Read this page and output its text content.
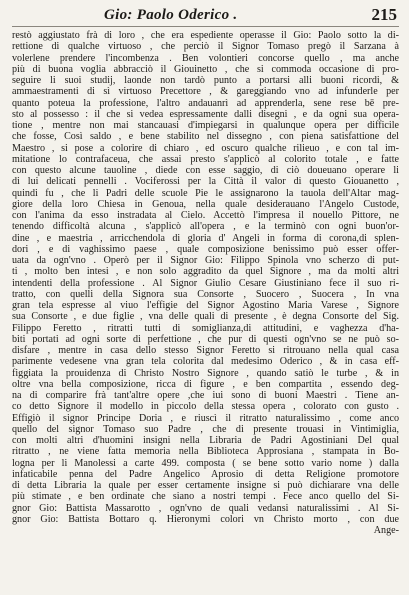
Gio: Paolo Oderico .	215
restò aggiustato frà di loro , che era espediente operasse il Gio: Paolo sotto la di-
rettione di qualche virtuoso , che perciò il Signor Tomaso pregò il Sarzana à
volerlene prendere l'incombenza . Ben volontieri concorse quello , ma anche
più di buona voglia abbracciò il Giouinetto , che si commoda occasione di pro-
seguire li suoi studij, laonde non tardò punto a portarsi alli buoni ricordi, &
ammaestramenti di sì virtuoso Precettore , & gareggiando vno ad infunderle per
quanto poteua la professione, l'altro andauanrì ad apprenderla, sene rese bē pre-
sto al possesso : il che si vedea espressamente dalli disegni , e da ogni sua opera-
tione , mentre non mai stancauasi d'impiegarsi in qualunque opera per difficile
che fosse, Così saldo , e bene stabilito nel dissegno , con piena satisfattione del
Maestro , si pose a colorire di chiaro , ed oscuro qualche rilieuo , e con tal im-
mitatione lo contrafaceua, che assai presto s'applicò al colorito totale , e fatte
con questo alcune tauoline , diede con esse saggio, di ciò doueuano operare li
di lui delicati pennelli . Vociferossi per la Città il valor di questo Giouanetto ,
quindi fu , che li Padri delle scuole Pie le assignarono la tauola dell'Altar mag-
giore della loro Chiesa in Genoua, nella quale desiderauano l'Angelo Custode,
con l'anima da esso instradata al Cielo. Accettò l'impresa il nouello Pittore, ne
tenendo difficoltà alcuna , s'applicò all'opera , e la terminò con ogni buon'or-
dine , e maestria , arricchendola di gloria d' Angeli in forma di corona,di splen-
dori , e di vaghissimo paese , quale composizione benissimo può esser offer-
uata da ogn'vno . Operò per il Signor Gio: Filippo Spinola vno scherzo di put-
ti , molto ben intesi , e non solo aggradito da quel Signore , ma da molti altri
intendenti della professione . Al Signor Giulio Cesare Giustiniano fece il suo ri-
tratto, con quelli della Signora sua Consorte , Suocero , Suocera , In vna
gran tela espresse al viuo l'effigie del Signor Agostino Maria Varese , Signore
sua Consorte , e due figlie , vna delle quali di presente , è degna Consorte del Sig.
Filippo Feretto , ritratti tutti di somiglianza,di attitudini, e vaghezza d'ha-
biti portati ad ogni sorte di perfettione , che pur di questi ogn'vno se ne può so-
disfare , mentre in casa dello stesso Signor Feretto si ritrouano nella qual casa
parimente vedesene vna gran tela colorita dal medesimo Oderico , & in casa eff-
figgiata la prouidenza di Christo Nostro Signore , quando satiò le turbe , & in
oltre vna bella composizione, ricca di figure , e ben compartita , essendo deg-
na di comparire frà tant'altre opere ,che iui sono di buoni Maestri . Tiene an-
co detto Signore il modello in piccolo della stessa opera , colorato con gusto .
Effigiò il signor Principe Doria , e riuscì il ritratto naturalissimo , come anco
quello del signor Tomaso suo Padre , che di presente trouasi in Vintimiglia,
con molti altri d'huomini insigni nella Libraria de Padri Agostiniani Del qual
ritratto , ne viene fatta memoria nella Biblioteca Approsiana , stampata in Bo-
logna per li Manolessi a carte 499. composta ( se bene sotto vario nome ) dalla
infaticabile penna del Padre Angelico Aprosio di detta Religione promotore
di detta Libraria la quale per esser certamente insigne si può dichiarare vna delle
più stimate , e ben ordinate che siano a nostri tempi . Fece anco quello del Si-
gnor Gio: Battista Massarotto , ogn'vno de quali vedansi naturalissimi . Al Si-
gnor Gio: Battista Bottaro q. Hieronymi colori vn Christo morto , con due
Ange-
